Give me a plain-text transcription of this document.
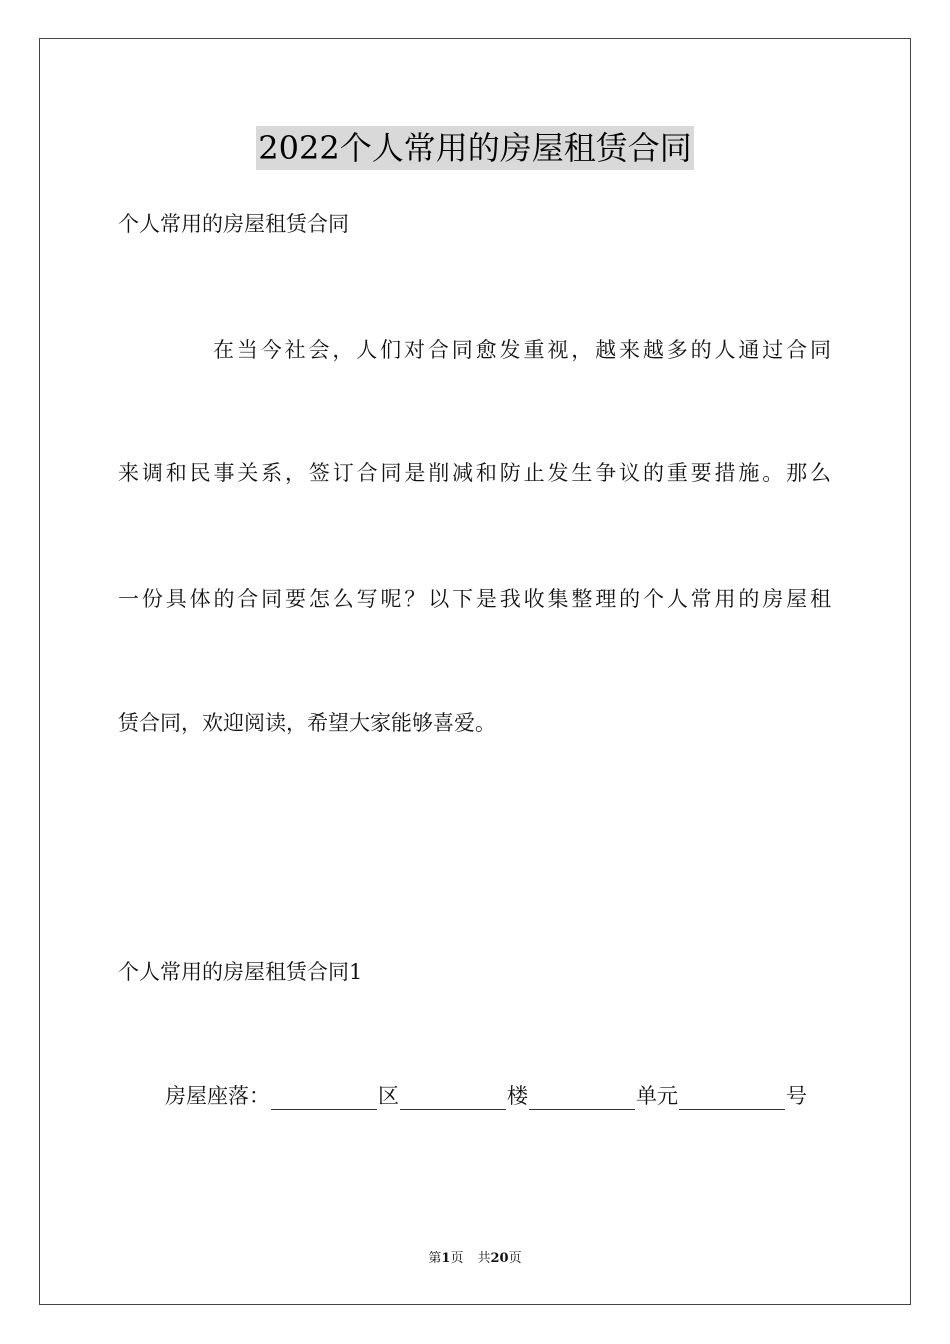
2022个人常用的房屋租赁合同
个人常用的房屋租赁合同
在当今社会，人们对合同愈发重视，越来越多的人通过合同
来调和民事关系，签订合同是削减和防止发生争议的重要措施。那么
一份具体的合同要怎么写呢？以下是我收集整理的个人常用的房屋租
赁合同，欢迎阅读，希望大家能够喜爱。
个人常用的房屋租赁合同1
房屋座落：	区	楼	单元	号
第1页 共20页
